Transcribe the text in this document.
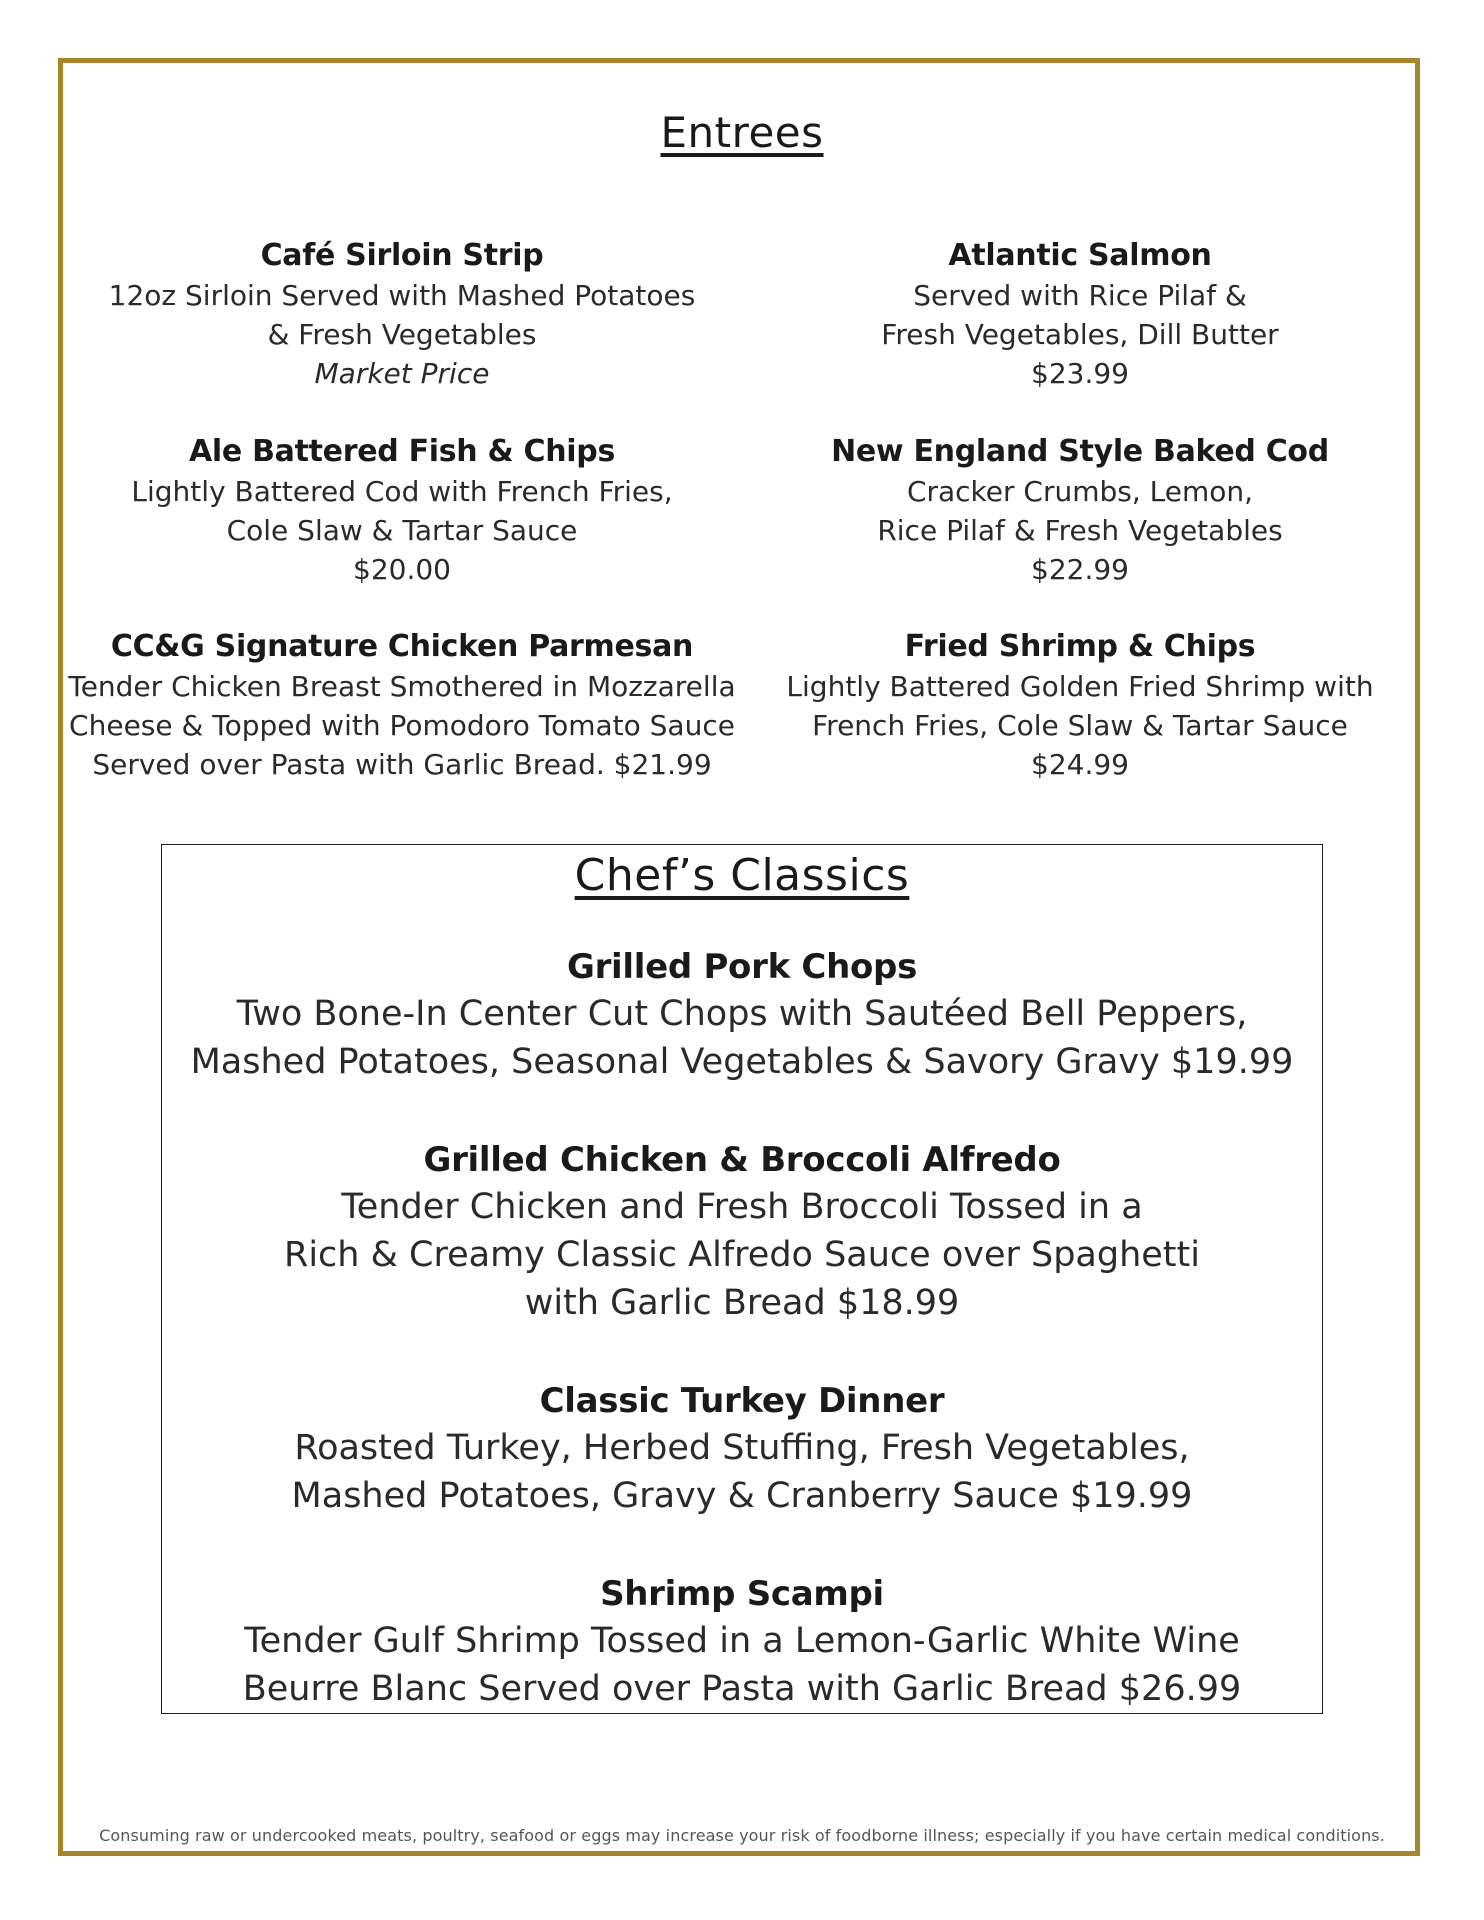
Entrees
Café Sirloin Strip
12oz Sirloin Served with Mashed Potatoes
& Fresh Vegetables
Market Price
Ale Battered Fish & Chips
Lightly Battered Cod with French Fries,
Cole Slaw & Tartar Sauce
$20.00
CC&G Signature Chicken Parmesan
Tender Chicken Breast Smothered in Mozzarella
Cheese & Topped with Pomodoro Tomato Sauce
Served over Pasta with Garlic Bread. $21.99
Atlantic Salmon
Served with Rice Pilaf &
Fresh Vegetables, Dill Butter
$23.99
New England Style Baked Cod
Cracker Crumbs, Lemon,
Rice Pilaf & Fresh Vegetables
$22.99
Fried Shrimp & Chips
Lightly Battered Golden Fried Shrimp with
French Fries, Cole Slaw & Tartar Sauce
$24.99
Chef’s Classics
Grilled Pork Chops
Two Bone-In Center Cut Chops with Sautéed Bell Peppers,
Mashed Potatoes, Seasonal Vegetables & Savory Gravy $19.99
Grilled Chicken & Broccoli Alfredo
Tender Chicken and Fresh Broccoli Tossed in a
Rich & Creamy Classic Alfredo Sauce over Spaghetti
with Garlic Bread $18.99
Classic Turkey Dinner
Roasted Turkey, Herbed Stuffing, Fresh Vegetables,
Mashed Potatoes, Gravy & Cranberry Sauce $19.99
Shrimp Scampi
Tender Gulf Shrimp Tossed in a Lemon-Garlic White Wine
Beurre Blanc Served over Pasta with Garlic Bread $26.99
Consuming raw or undercooked meats, poultry, seafood or eggs may increase your risk of foodborne illness; especially if you have certain medical conditions.
